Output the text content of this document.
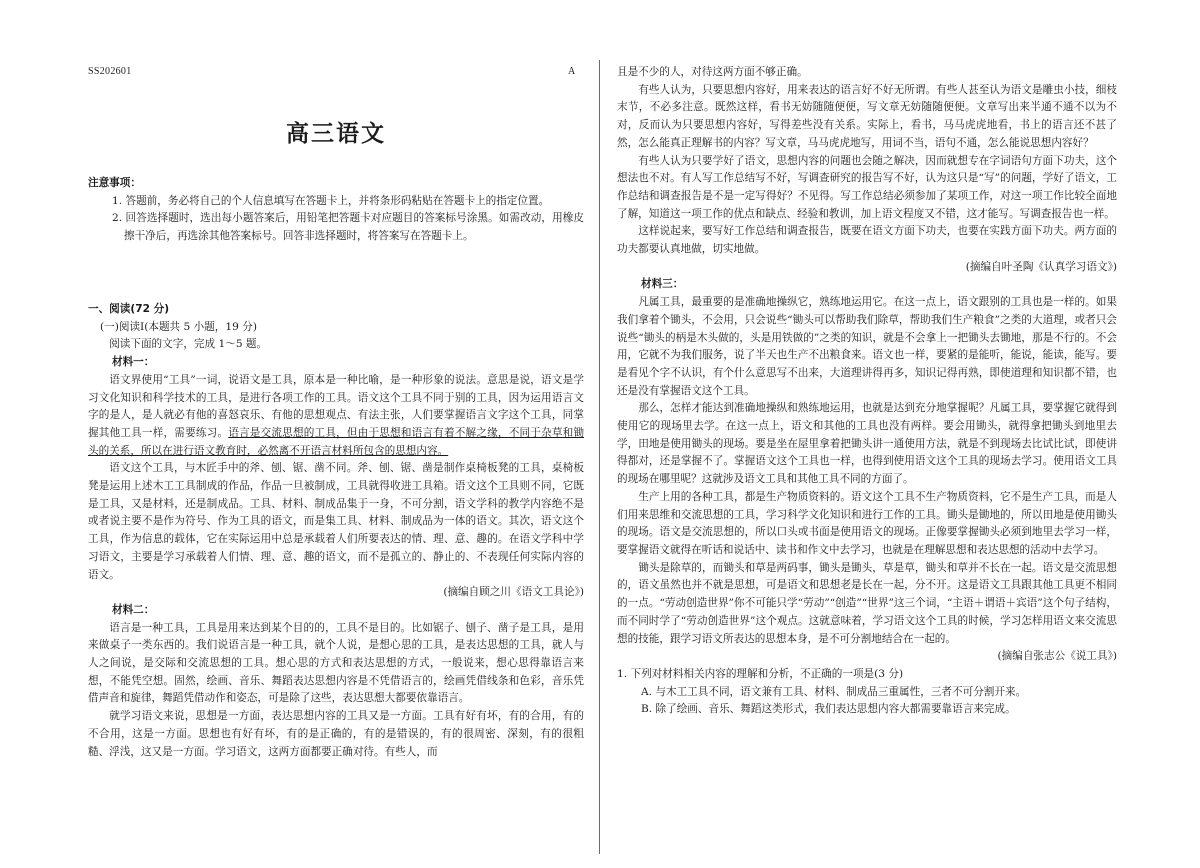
SS202601	A
高三语文
注意事项：
1. 答题前，务必将自己的个人信息填写在答题卡上，并将条形码粘贴在答题卡上的指定位置。
2. 回答选择题时，选出每小题答案后，用铅笔把答题卡对应题目的答案标号涂黑。如需改动，用橡皮擦干净后，再选涂其他答案标号。回答非选择题时，将答案写在答题卡上。
一、阅读(72 分)
(一)阅读Ⅰ(本题共 5 小题，19 分)
阅读下面的文字，完成 1～5 题。
材料一：

语文界使用“工具”一词，说语文是工具，原本是一种比喻，是一种形象的说法。意思是说，语文是学习文化知识和科学技术的工具，是进行各项工作的工具。语文这个工具不同于别的工具，因为运用语言文字的是人，是人就必有他的喜怒哀乐、有他的思想观点、有法主张，人们要掌握语言文字这个工具，同掌握其他工具一样，需要练习。语言是交流思想的工具，但由于思想和语言有着不解之缘，不同于杂草和锄头的关系，所以在进行语文教育时，必然离不开语言材料所包含的思想内容。

语文这个工具，与木匠手中的斧、刨、锯、凿不同。斧、刨、锯、凿是制作桌椅板凳的工具，桌椅板凳是运用上述木工工具制成的作品，作品一旦被制成，工具就得收进工具箱。语文这个工具则不同，它既是工具，又是材料，还是制成品。工具、材料、制成品集于一身，不可分割，语文学科的教学内容绝不是或者说主要不是作为符号、作为工具的语文，而是集工具、材料、制成品为一体的语文。其次，语文这个工具，作为信息的载体，它在实际运用中总是承载着人们所要表达的情、理、意、趣的。在语文学科中学习语文，主要是学习承载着人们情、理、意、趣的语文，而不是孤立的、静止的、不表现任何实际内容的语文。

(摘编自顾之川《语文工具论》)
材料二：

语言是一种工具，工具是用来达到某个目的的，工具不是目的。比如锯子、刨子、凿子是工具，是用来做桌子一类东西的。我们说语言是一种工具，就个人说，是想心思的工具，是表达思想的工具，就人与人之间说，是交际和交流思想的工具。想心思的方式和表达思想的方式，一般说来，想心思得靠语言来想，不能凭空想。固然，绘画、音乐、舞蹈表达思想内容是不凭借语言的，绘画凭借线条和色彩，音乐凭借声音和旋律，舞蹈凭借动作和姿态，可是除了这些，表达思想大都要依靠语言。

就学习语文来说，思想是一方面，表达思想内容的工具又是一方面。工具有好有坏，有的合用，有的不合用，这是一方面。思想也有好有坏，有的是正确的，有的是错误的，有的很周密、深刻，有的很粗糙、浮浅，这又是一方面。学习语文，这两方面都要正确对待。有些人，而

且是不少的人，对待这两方面不够正确。

有些人认为，只要思想内容好，用来表达的语言好不好无所谓。有些人甚至认为语文是雕虫小技，细枝末节，不必多注意。既然这样，看书无妨随随便便，写文章无妨随随便便。文章写出来半通不通不以为不对，反而认为只要思想内容好，写得差些没有关系。实际上，看书，马马虎虎地看，书上的语言还不甚了然，怎么能真正理解书的内容？写文章，马马虎虎地写，用词不当，语句不通，怎么能说思想内容好？

有些人认为只要学好了语文，思想内容的问题也会随之解决，因而就想专在字词语句方面下功夫，这个想法也不对。有人写工作总结写不好，写调查研究的报告写不好，认为这只是“写”的问题，学好了语文，工作总结和调查报告是不是一定写得好？不见得。写工作总结必须参加了某项工作，对这一项工作比较全面地了解，知道这一项工作的优点和缺点、经验和教训，加上语文程度又不错，这才能写。写调查报告也一样。

这样说起来，要写好工作总结和调查报告，既要在语文方面下功夫，也要在实践方面下功夫。两方面的功夫都要认真地做，切实地做。

(摘编自叶圣陶《认真学习语文》)
材料三：

凡属工具，最重要的是准确地操纵它，熟练地运用它。在这一点上，语文跟别的工具也是一样的。如果我们拿着个锄头，不会用，只会说些“锄头可以帮助我们除草，帮助我们生产粮食”之类的大道理，或者只会说些“锄头的柄是木头做的，头是用铁做的”之类的知识，就是不会拿上一把锄头去锄地，那是不行的。不会用，它就不为我们服务，说了半天也生产不出粮食来。语文也一样，要紧的是能听，能说，能读，能写。要是看见个字不认识，有个什么意思写不出来，大道理讲得再多，知识记得再熟，即使道理和知识都不错，也还是没有掌握语文这个工具。

那么，怎样才能达到准确地操纵和熟练地运用，也就是达到充分地掌握呢？凡属工具，要掌握它就得到使用它的现场里去学。在这一点上，语文和其他的工具也没有两样。要会用锄头，就得拿把锄头到地里去学，田地是使用锄头的现场。要是坐在屋里拿着把锄头讲一通使用方法，就是不到现场去比试比试，即使讲得都对，还是掌握不了。掌握语文这个工具也一样，也得到使用语文这个工具的现场去学习。使用语文工具的现场在哪里呢？这就涉及语文工具和其他工具不同的方面了。

生产上用的各种工具，都是生产物质资料的。语文这个工具不生产物质资料，它不是生产工具，而是人们用来思维和交流思想的工具，学习科学文化知识和进行工作的工具。锄头是锄地的，所以田地是使用锄头的现场。语文是交流思想的，所以口头或书面是使用语文的现场。正像要掌握锄头必须到地里去学习一样，要掌握语文就得在听话和说话中、读书和作文中去学习，也就是在理解思想和表达思想的活动中去学习。

锄头是除草的，而锄头和草是两码事，锄头是锄头，草是草，锄头和草并不长在一起。语文是交流思想的，语文虽然也并不就是思想，可是语文和思想老是长在一起，分不开。这是语文工具跟其他工具更不相同的一点。“劳动创造世界”你不可能只学“劳动”“创造”“世界”这三个词，“主语＋谓语＋宾语”这个句子结构，而不同时学了“劳动创造世界”这个观点。这就意味着，学习语文这个工具的时候，学习怎样用语文来交流思想的技能，跟学习语文所表达的思想本身，是不可分割地结合在一起的。

(摘编自张志公《说工具》)
1. 下列对材料相关内容的理解和分析，不正确的一项是(3 分)
A. 与木工工具不同，语文兼有工具、材料、制成品三重属性，三者不可分割开来。
B. 除了绘画、音乐、舞蹈这类形式，我们表达思想内容大都需要靠语言来完成。
